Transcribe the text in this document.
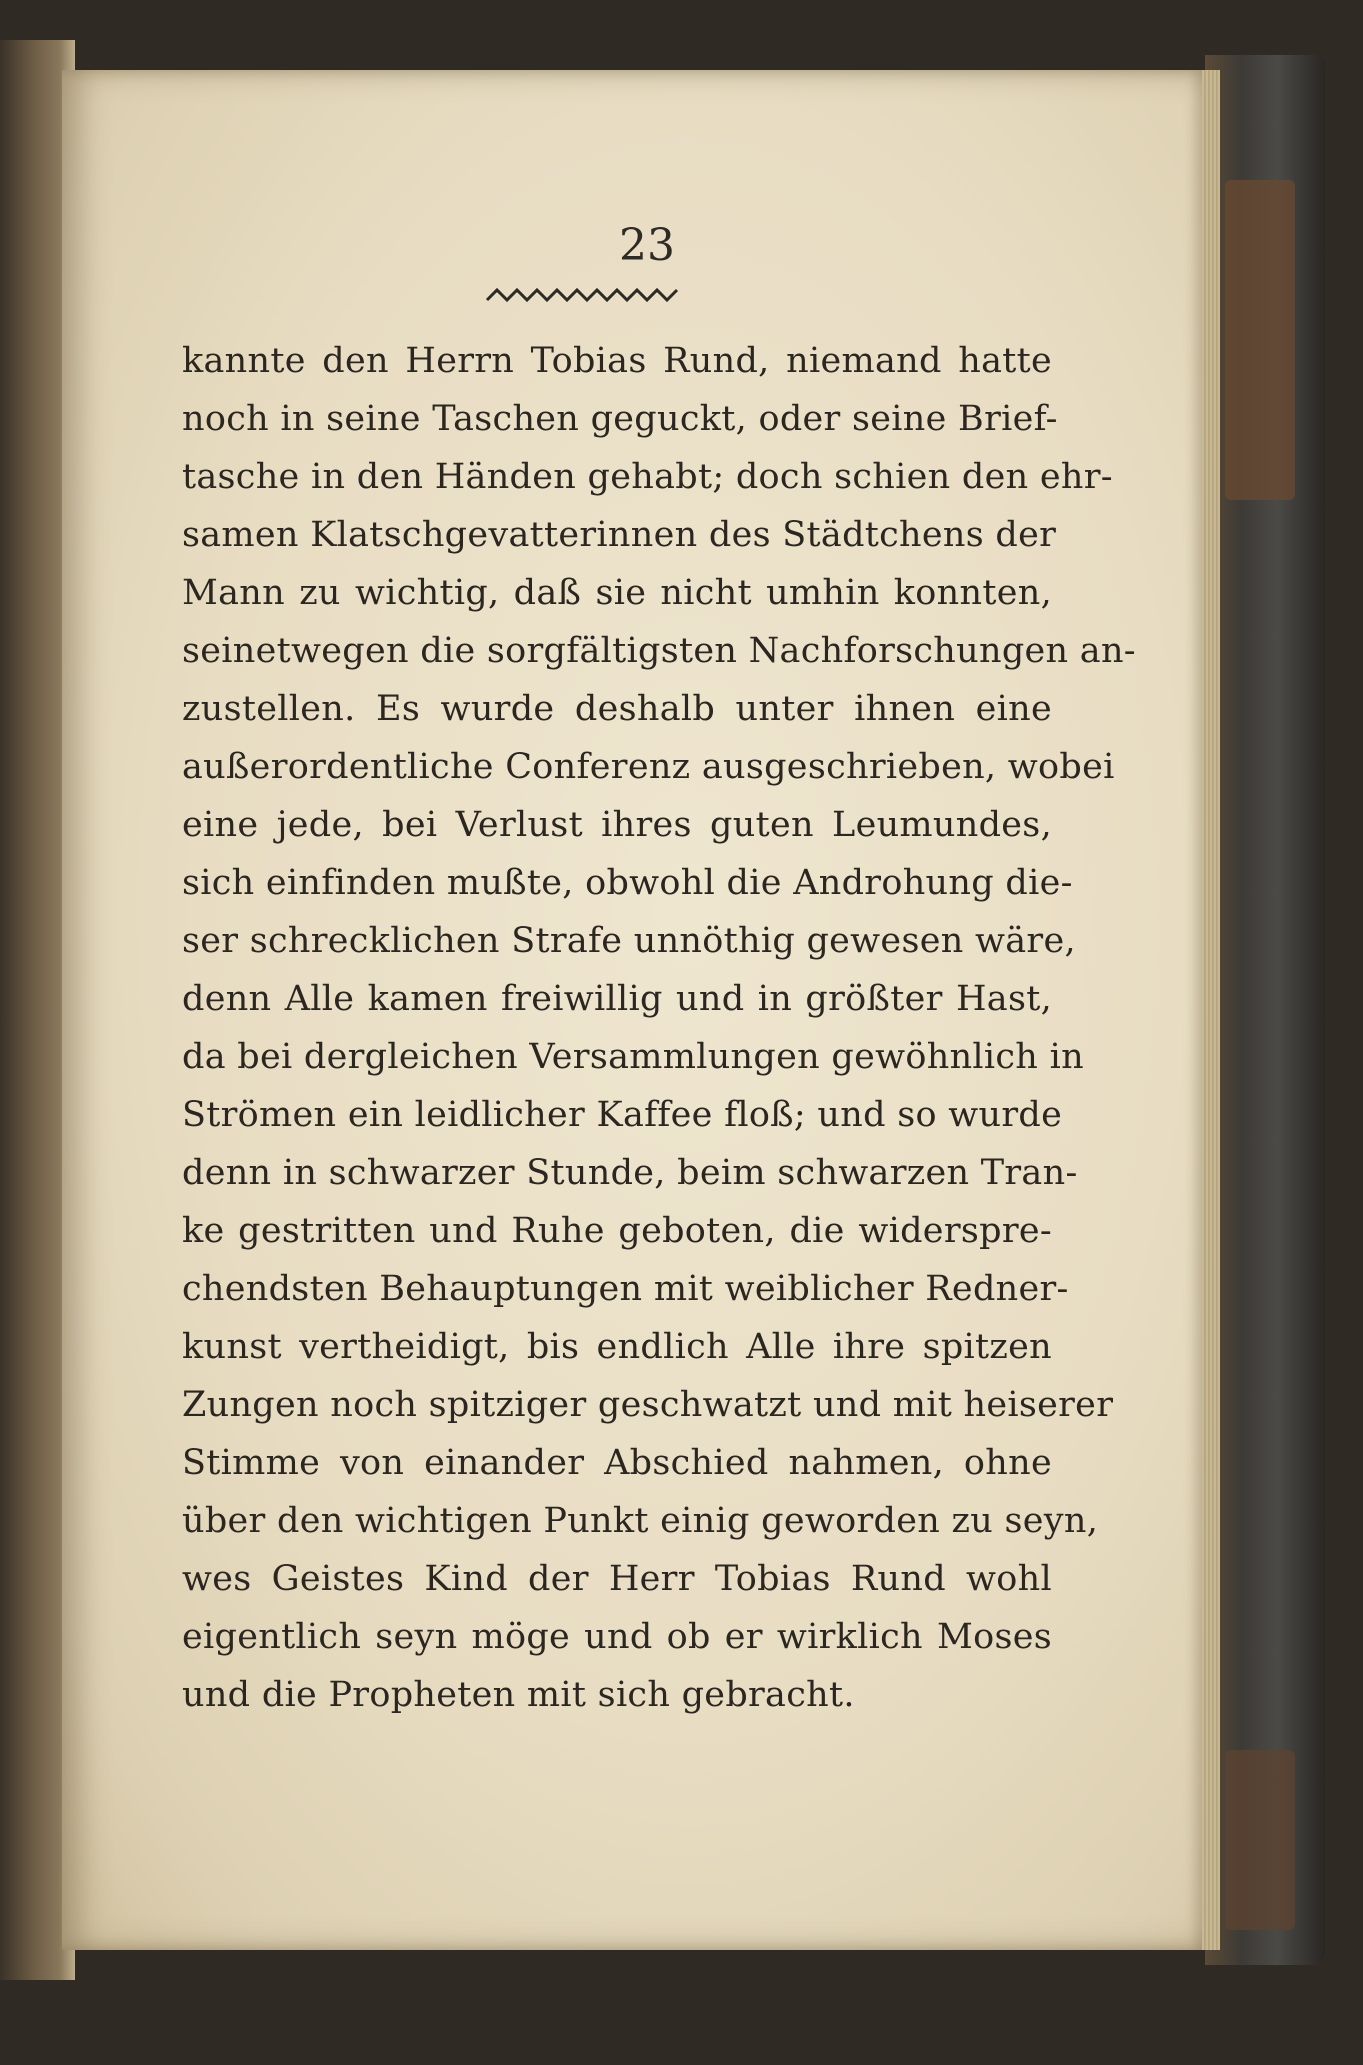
23
kannte den Herrn Tobias Rund, niemand hatte
noch in seine Taschen geguckt, oder seine Brief-
tasche in den Händen gehabt; doch schien den ehr-
samen Klatschgevatterinnen des Städtchens der
Mann zu wichtig, daß sie nicht umhin konnten,
seinetwegen die sorgfältigsten Nachforschungen an-
zustellen. Es wurde deshalb unter ihnen eine
außerordentliche Conferenz ausgeschrieben, wobei
eine jede, bei Verlust ihres guten Leumundes,
sich einfinden mußte, obwohl die Androhung die-
ser schrecklichen Strafe unnöthig gewesen wäre,
denn Alle kamen freiwillig und in größter Hast,
da bei dergleichen Versammlungen gewöhnlich in
Strömen ein leidlicher Kaffee floß; und so wurde
denn in schwarzer Stunde, beim schwarzen Tran-
ke gestritten und Ruhe geboten, die widerspre-
chendsten Behauptungen mit weiblicher Redner-
kunst vertheidigt, bis endlich Alle ihre spitzen
Zungen noch spitziger geschwatzt und mit heiserer
Stimme von einander Abschied nahmen, ohne
über den wichtigen Punkt einig geworden zu seyn,
wes Geistes Kind der Herr Tobias Rund wohl
eigentlich seyn möge und ob er wirklich Moses
und die Propheten mit sich gebracht.
